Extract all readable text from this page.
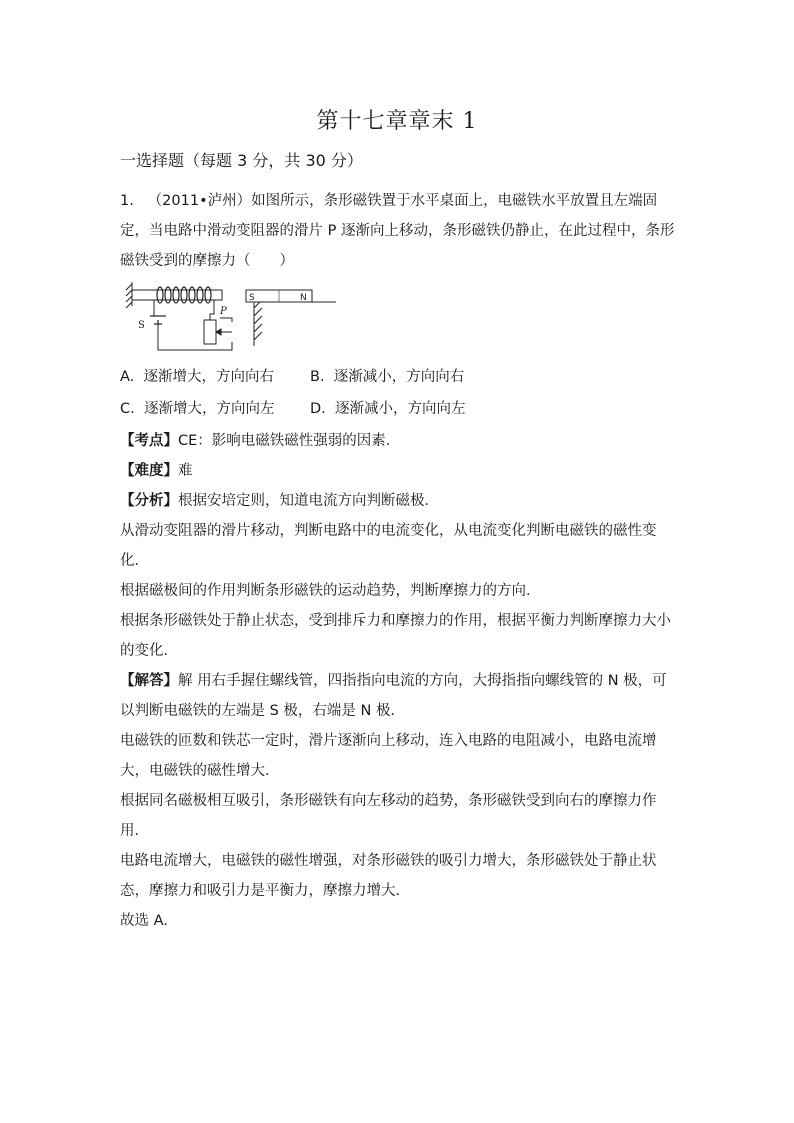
第十七章章末 1
一选择题（每题 3 分，共 30 分）

1. （2011•泸州）如图所示，条形磁铁置于水平桌面上，电磁铁水平放置且左端固定，当电路中滑动变阻器的滑片 P 逐渐向上移动，条形磁铁仍静止，在此过程中，条形磁铁受到的摩擦力（　　）

S
P
S	N
A. 逐渐增大，方向向右	B. 逐渐减小，方向向右
C. 逐渐增大，方向向左	D. 逐渐减小，方向向左

【考点】CE：影响电磁铁磁性强弱的因素．

【难度】难

【分析】根据安培定则，知道电流方向判断磁极．

从滑动变阻器的滑片移动，判断电路中的电流变化，从电流变化判断电磁铁的磁性变化．

根据磁极间的作用判断条形磁铁的运动趋势，判断摩擦力的方向．

根据条形磁铁处于静止状态，受到排斥力和摩擦力的作用，根据平衡力判断摩擦力大小的变化．

【解答】解 用右手握住螺线管，四指指向电流的方向，大拇指指向螺线管的 N 极，可以判断电磁铁的左端是 S 极，右端是 N 极．

电磁铁的匝数和铁芯一定时，滑片逐渐向上移动，连入电路的电阻减小，电路电流增大，电磁铁的磁性增大．

根据同名磁极相互吸引，条形磁铁有向左移动的趋势，条形磁铁受到向右的摩擦力作用．

电路电流增大，电磁铁的磁性增强，对条形磁铁的吸引力增大，条形磁铁处于静止状态，摩擦力和吸引力是平衡力，摩擦力增大．

故选 A.
